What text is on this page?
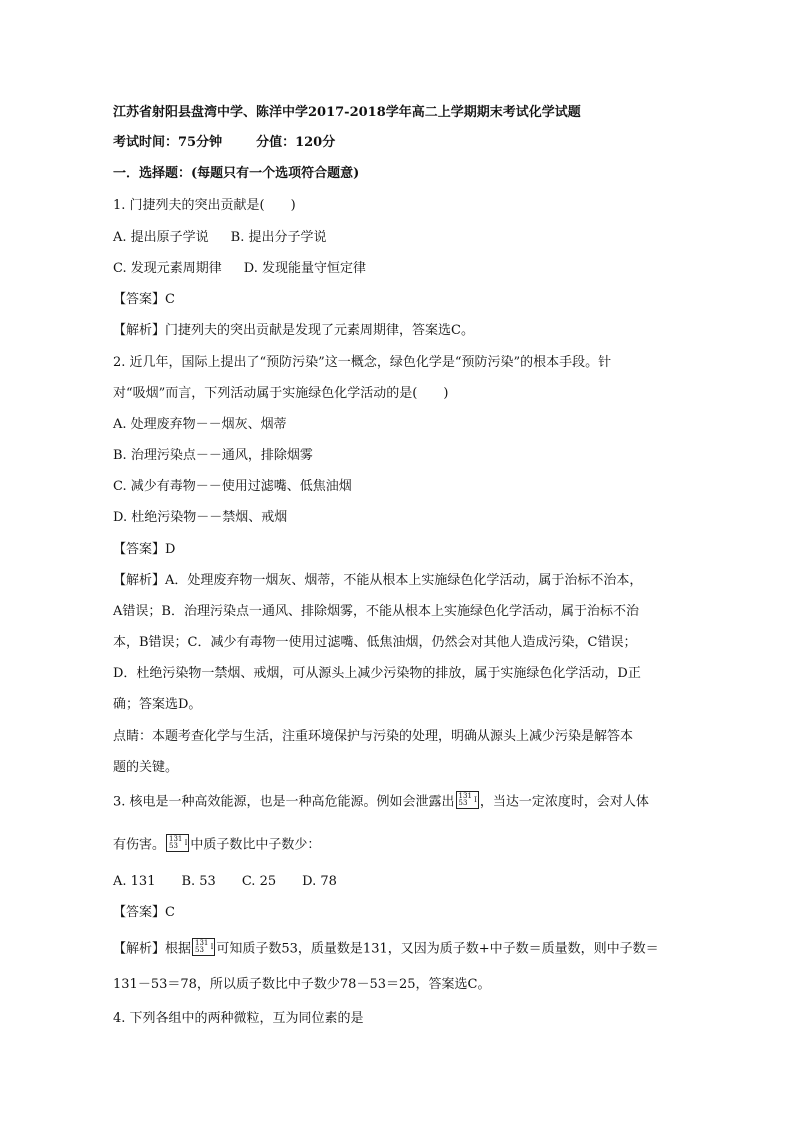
江苏省射阳县盘湾中学、陈洋中学2017-2018学年高二上学期期末考试化学试题
考试时间：75分钟	分值：120分
一．选择题：(每题只有一个选项符合题意)
1. 门捷列夫的突出贡献是(　　)
A. 提出原子学说 B. 提出分子学说
C. 发现元素周期律 D. 发现能量守恒定律
【答案】C
【解析】门捷列夫的突出贡献是发现了元素周期律，答案选C。
2. 近几年，国际上提出了“预防污染”这一概念，绿色化学是“预防污染”的根本手段。针
对“吸烟”而言，下列活动属于实施绿色化学活动的是(　　)
A. 处理废弃物－－烟灰、烟蒂
B. 治理污染点－－通风，排除烟雾
C. 减少有毒物－－使用过滤嘴、低焦油烟
D. 杜绝污染物－－禁烟、戒烟
【答案】D
【解析】A．处理废弃物一烟灰、烟蒂，不能从根本上实施绿色化学活动，属于治标不治本，
A错误；B．治理污染点一通风、排除烟雾，不能从根本上实施绿色化学活动，属于治标不治
本，B错误；C．减少有毒物一使用过滤嘴、低焦油烟，仍然会对其他人造成污染，C错误；
D．杜绝污染物一禁烟、戒烟，可从源头上减少污染物的排放，属于实施绿色化学活动，D正
确；答案选D。
点睛：本题考查化学与生活，注重环境保护与污染的处理，明确从源头上减少污染是解答本
题的关键。
3. 核电是一种高效能源，也是一种高危能源。例如会泄露出 131
53 I ，当达一定浓度时，会对人体
有伤害。 131
53 I 中质子数比中子数少：
A. 131　　B. 53　　C. 25　　D. 78
【答案】C
【解析】根据 131
53 I 可知质子数53，质量数是131，又因为质子数+中子数＝质量数，则中子数＝
131－53＝78，所以质子数比中子数少78－53＝25，答案选C。
4. 下列各组中的两种微粒，互为同位素的是
